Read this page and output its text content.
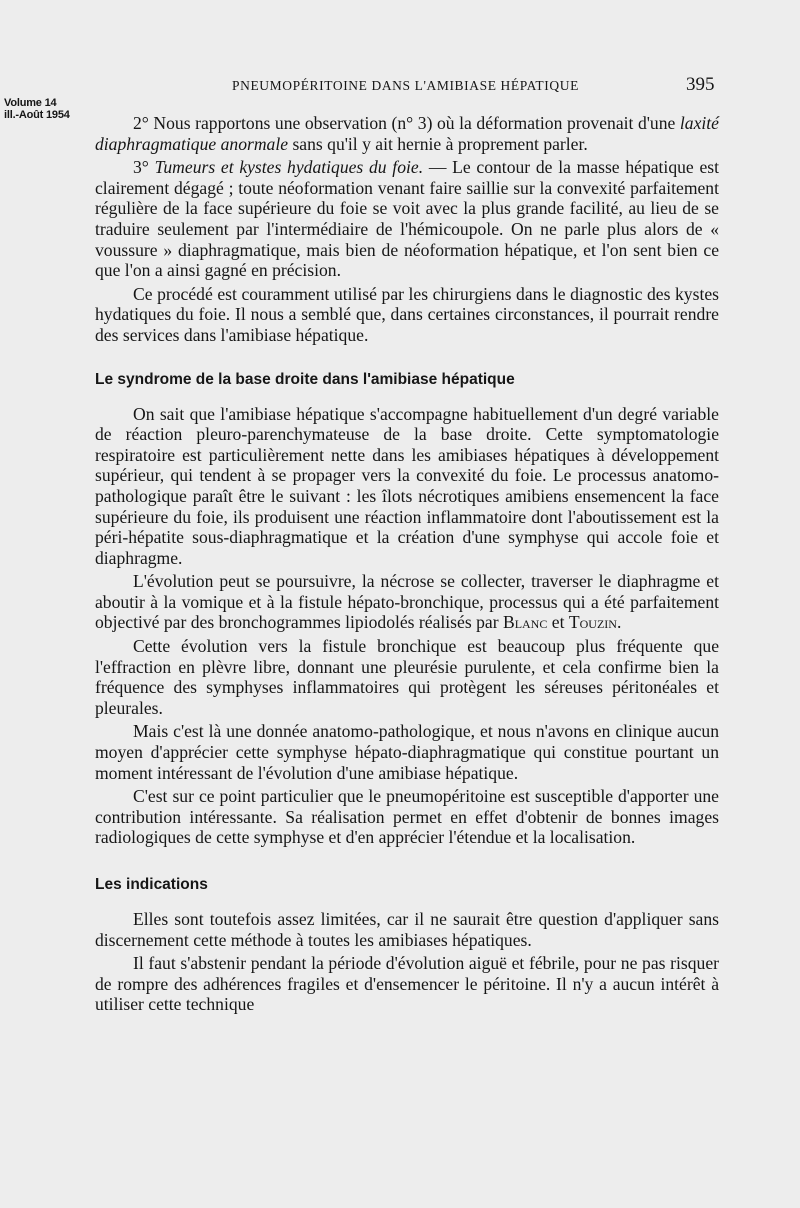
Volume 14
ill.-Août 1954
PNEUMOPÉRITOINE DANS L'AMIBIASE HÉPATIQUE	395

2° Nous rapportons une observation (n° 3) où la déformation provenait d'une laxité diaphragmatique anormale sans qu'il y ait hernie à proprement parler.

3° Tumeurs et kystes hydatiques du foie. — Le contour de la masse hépatique est clairement dégagé ; toute néoformation venant faire saillie sur la convexité parfaitement régulière de la face supérieure du foie se voit avec la plus grande facilité, au lieu de se traduire seulement par l'intermédiaire de l'hémicoupole. On ne parle plus alors de « voussure » diaphragmatique, mais bien de néoformation hépatique, et l'on sent bien ce que l'on a ainsi gagné en précision.

Ce procédé est couramment utilisé par les chirurgiens dans le diagnostic des kystes hydatiques du foie. Il nous a semblé que, dans certaines circonstances, il pourrait rendre des services dans l'amibiase hépatique.

Le syndrome de la base droite dans l'amibiase hépatique

On sait que l'amibiase hépatique s'accompagne habituellement d'un degré variable de réaction pleuro-parenchymateuse de la base droite. Cette symptomatologie respiratoire est particulièrement nette dans les amibiases hépatiques à développement supérieur, qui tendent à se propager vers la convexité du foie. Le processus anatomo-pathologique paraît être le suivant : les îlots nécrotiques amibiens ensemencent la face supérieure du foie, ils produisent une réaction inflammatoire dont l'aboutissement est la péri-hépatite sous-diaphragmatique et la création d'une symphyse qui accole foie et diaphragme.

L'évolution peut se poursuivre, la nécrose se collecter, traverser le diaphragme et aboutir à la vomique et à la fistule hépato-bronchique, processus qui a été parfaitement objectivé par des bronchogrammes lipiodolés réalisés par Blanc et Touzin.

Cette évolution vers la fistule bronchique est beaucoup plus fréquente que l'effraction en plèvre libre, donnant une pleurésie purulente, et cela confirme bien la fréquence des symphyses inflammatoires qui protègent les séreuses péritonéales et pleurales.

Mais c'est là une donnée anatomo-pathologique, et nous n'avons en clinique aucun moyen d'apprécier cette symphyse hépato-diaphragmatique qui constitue pourtant un moment intéressant de l'évolution d'une amibiase hépatique.

C'est sur ce point particulier que le pneumopéritoine est susceptible d'apporter une contribution intéressante. Sa réalisation permet en effet d'obtenir de bonnes images radiologiques de cette symphyse et d'en apprécier l'étendue et la localisation.

Les indications

Elles sont toutefois assez limitées, car il ne saurait être question d'appliquer sans discernement cette méthode à toutes les amibiases hépatiques.

Il faut s'abstenir pendant la période d'évolution aiguë et fébrile, pour ne pas risquer de rompre des adhérences fragiles et d'ensemencer le péritoine. Il n'y a aucun intérêt à utiliser cette technique
